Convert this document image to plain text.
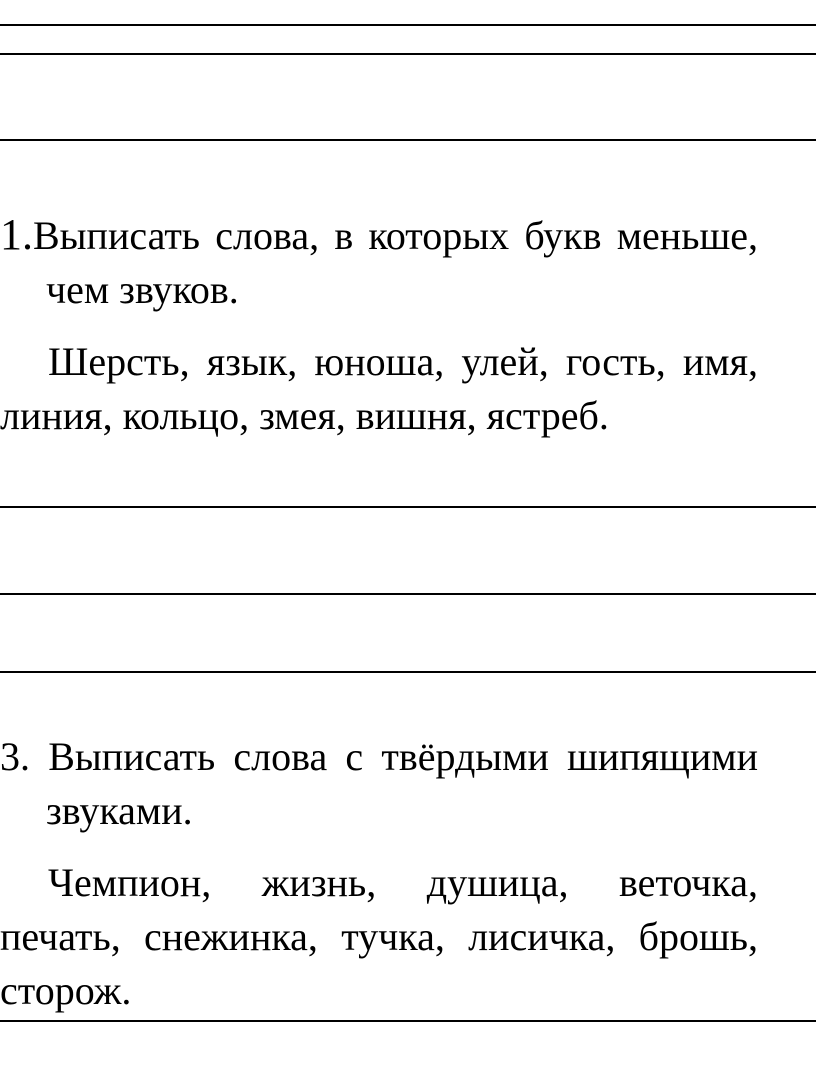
1.Выписать слова, в которых букв меньше, чем звуков.

Шерсть, язык, юноша, улей, гость, имя, линия, кольцо, змея, вишня, ястреб.

3. Выписать слова с твёрдыми шипящими звуками.

Чемпион, жизнь, душица, веточка, печать, снежинка, тучка, лисичка, брошь, сторож.
